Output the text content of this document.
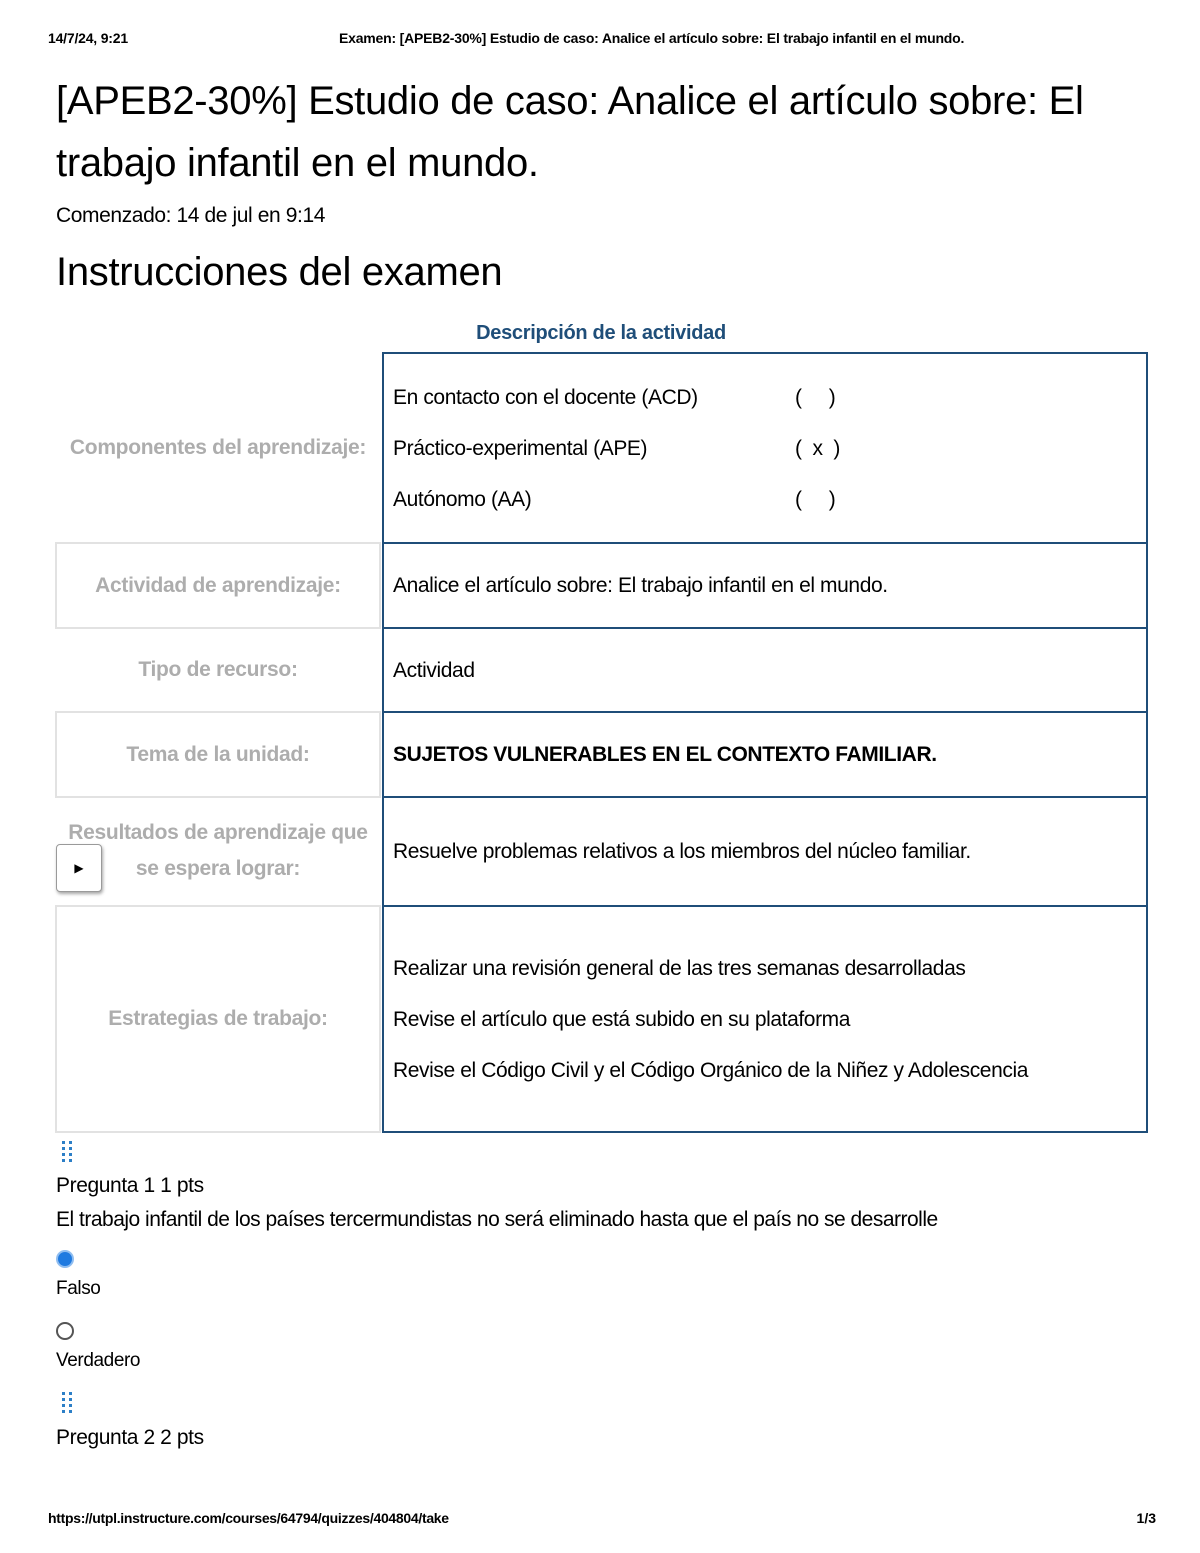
14/7/24, 9:21	Examen: [APEB2-30%] Estudio de caso: Analice el artículo sobre: El trabajo infantil en el mundo.
[APEB2-30%] Estudio de caso: Analice el artículo sobre: El trabajo infantil en el mundo.
Comenzado: 14 de jul en 9:14
Instrucciones del examen
Descripción de la actividad
Componentes del aprendizaje:
En contacto con el docente (ACD)	(     )
Práctico-experimental (APE)	(  x  )
Autónomo (AA)	(     )
Actividad de aprendizaje:	Analice el artículo sobre: El trabajo infantil en el mundo.
Tipo de recurso:	Actividad
Tema de la unidad:	SUJETOS VULNERABLES EN EL CONTEXTO FAMILIAR.
Resultados de aprendizaje que se espera lograr:
Resuelve problemas relativos a los miembros del núcleo familiar.
Estrategias de trabajo:
Realizar una revisión general de las tres semanas desarrolladas
Revise el artículo que está subido en su plataforma
Revise el Código Civil y el Código Orgánico de la Niñez y Adolescencia
▶
Pregunta 1 1 pts
El trabajo infantil de los países tercermundistas no será eliminado hasta que el país no se desarrolle
Falso
Verdadero
Pregunta 2 2 pts
https://utpl.instructure.com/courses/64794/quizzes/404804/take	1/3
